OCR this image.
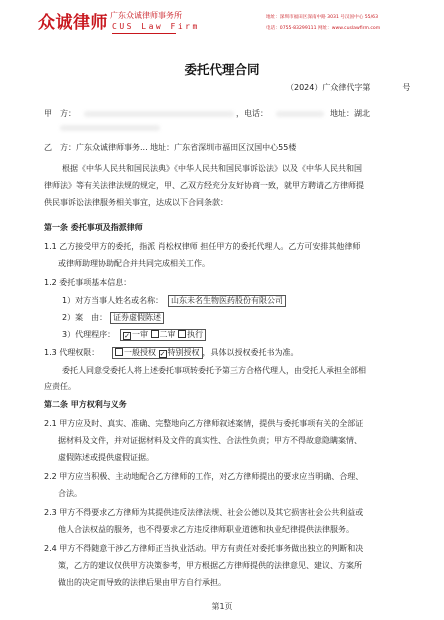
众诚律师 广东众诚律师事务所
CUS Law Firm
地址：深圳市福田区深南中路 3031 号汉国中心 55/63
电话：0755-83299111 网址：www.cuslawfirm.com
委托代理合同
（2024）广众律代字第　　　　号
甲　方：	，电话：	地址：湖北
乙　方：广东众诚律师事务... 地址：广东省深圳市福田区汉国中心55楼
根据《中华人民共和国民法典》《中华人民共和国民事诉讼法》以及《中华人民共和国
律师法》等有关法律法规的规定，甲、乙双方经充分友好协商一致，就甲方聘请乙方律师提
供民事诉讼法律服务相关事宜，达成以下合同条款：
第一条 委托事项及指派律师
1.1 乙方接受甲方的委托，指派 肖松权律师 担任甲方的委托代理人。乙方可安排其他律师
或律师助理协助配合并共同完成相关工作。
1.2 委托事项基本信息：
1）对方当事人姓名或名称： 山东未名生物医药股份有限公司
2）案　由： 证券虚假陈述
3）代理程序： ✓	一审 二审 执行
1.3 代理权限：	一般授权 ✓ 特别授权 ，具体以授权委托书为准。
委托人同意受委托人将上述委托事项转委托予第三方合格代理人，由受托人承担全部相
应责任。
第二条 甲方权利与义务
2.1 甲方应及时、真实、准确、完整地向乙方律师叙述案情，提供与委托事项有关的全部证
据材料及文件，并对证据材料及文件的真实性、合法性负责；甲方不得故意隐瞒案情、
虚假陈述或提供虚假证据。
2.2 甲方应当积极、主动地配合乙方律师的工作，对乙方律师提出的要求应当明确、合理、
合法。
2.3 甲方不得要求乙方律师为其提供违反法律法规、社会公德以及其它损害社会公共利益或
他人合法权益的服务，也不得要求乙方违反律师职业道德和执业纪律提供法律服务。
2.4 甲方不得随意干涉乙方律师正当执业活动。甲方有责任对委托事务做出独立的判断和决
策，乙方的建议仅供甲方决策参考，甲方根据乙方律师提供的法律意见、建议、方案所
做出的决定而导致的法律后果由甲方自行承担。
第1页
